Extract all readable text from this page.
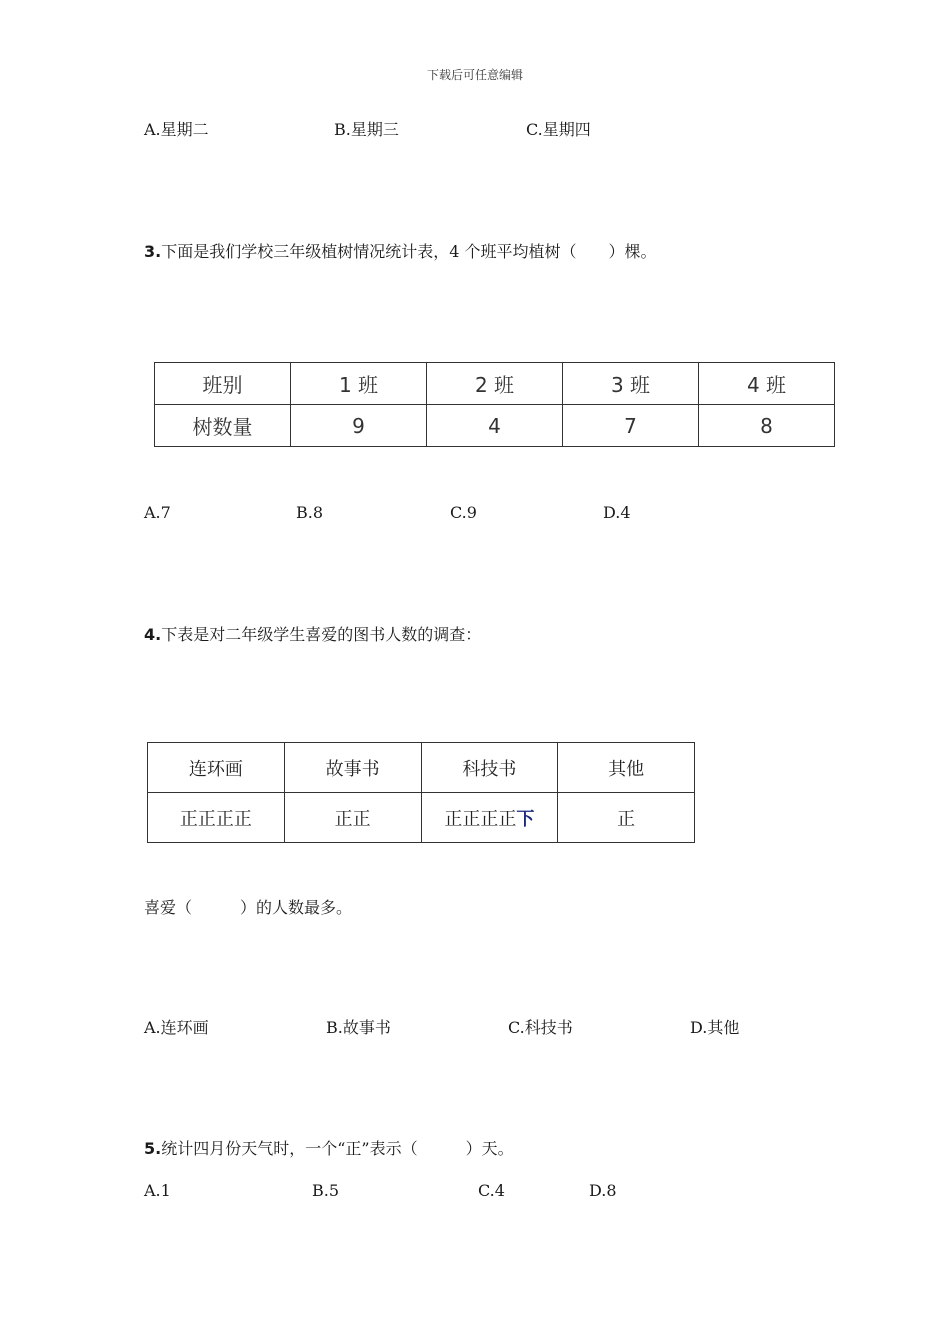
下载后可任意编辑
A.星期二	B.星期三	C.星期四
3.下面是我们学校三年级植树情况统计表，4 个班平均植树（　　）棵。
班别	1 班	2 班	3 班	4 班
树数量	9	4	7	8
A.7	B.8	C.9	D.4
4.下表是对二年级学生喜爱的图书人数的调查：
连环画	故事书	科技书	其他
正正正正	正正	正正正正下	正
喜爱（　　　）的人数最多。
A.连环画	B.故事书	C.科技书	D.其他
5.统计四月份天气时，一个“正”表示（　　　）天。
A.1	B.5	C.4	D.8
